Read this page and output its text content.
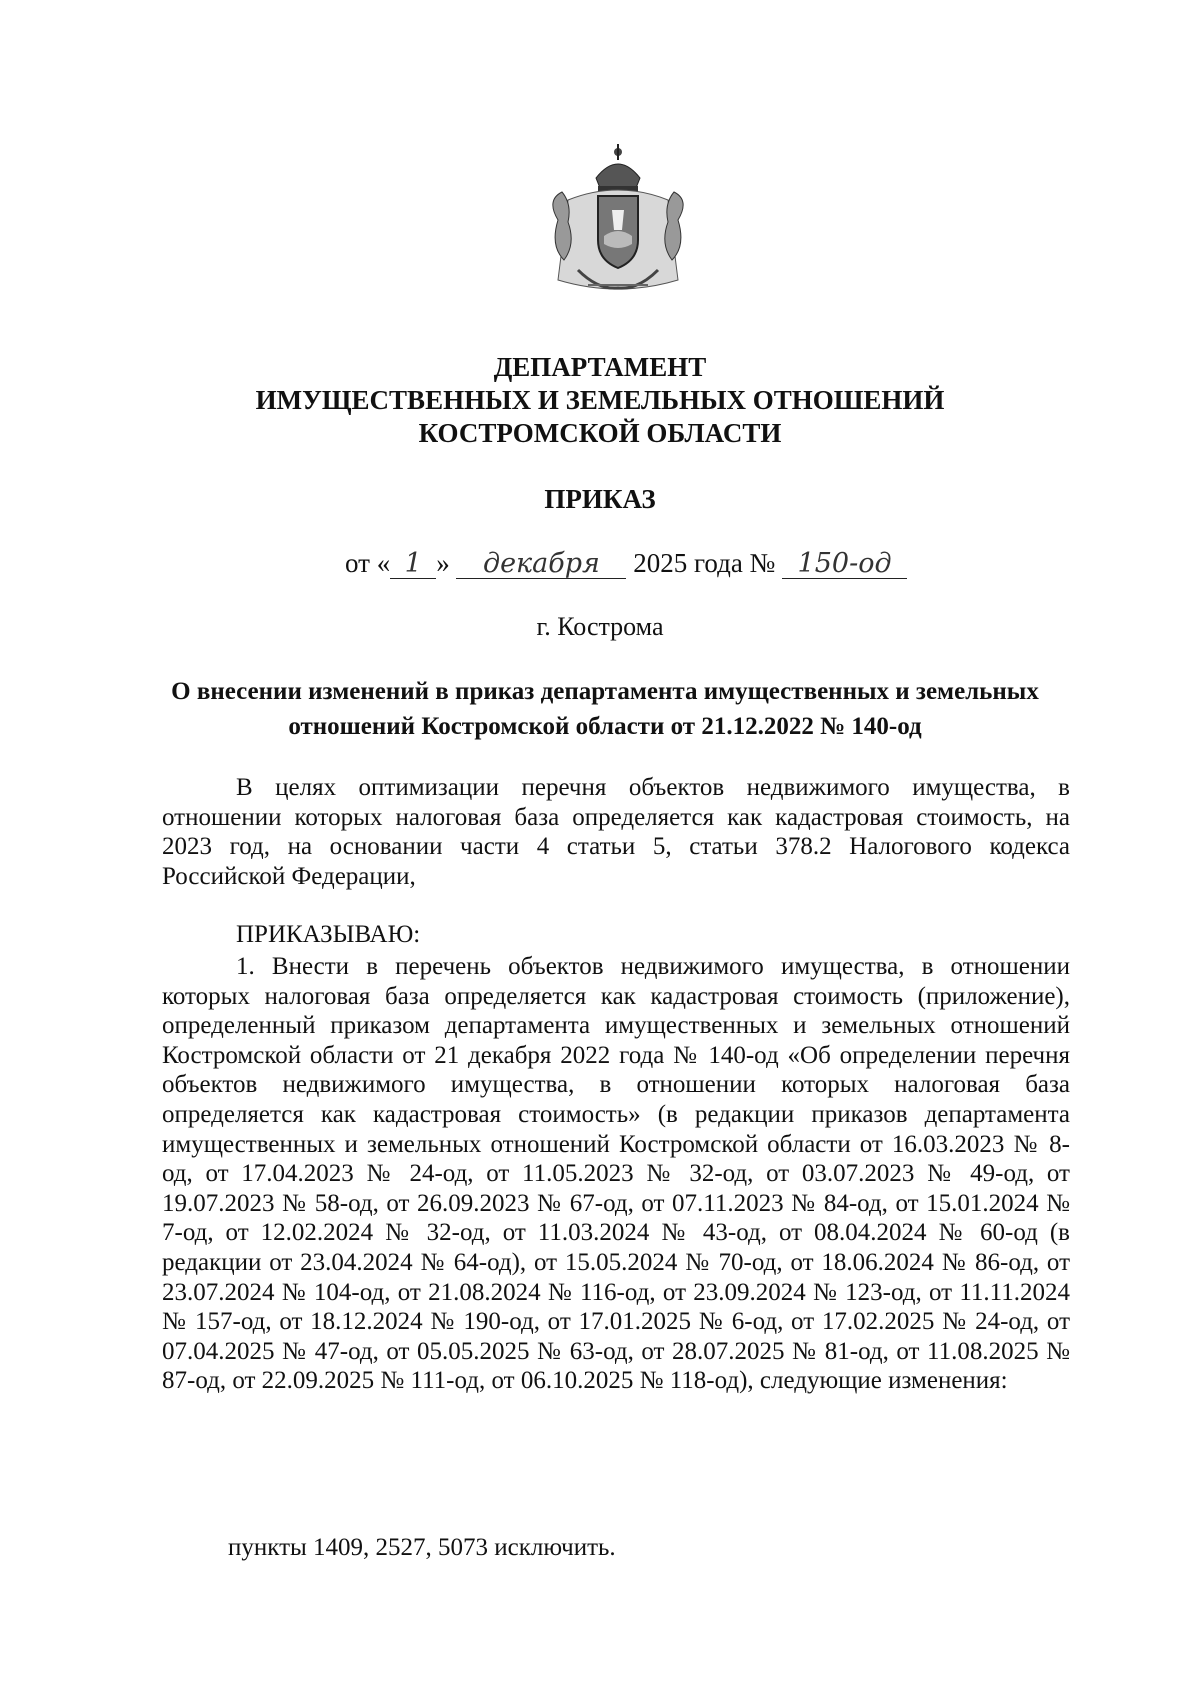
ДЕПАРТАМЕНТ
ИМУЩЕСТВЕННЫХ И ЗЕМЕЛЬНЫХ ОТНОШЕНИЙ
КОСТРОМСКОЙ ОБЛАСТИ
ПРИКАЗ
от « 1 » декабря 2025 года № 150-од
г. Кострома
О внесении изменений в приказ департамента имущественных и земельных отношений Костромской области от 21.12.2022 № 140-од
В целях оптимизации перечня объектов недвижимого имущества, в отношении которых налоговая база определяется как кадастровая стоимость, на 2023 год, на основании части 4 статьи 5, статьи 378.2 Налогового кодекса Российской Федерации,
ПРИКАЗЫВАЮ:
1. Внести в перечень объектов недвижимого имущества, в отношении которых налоговая база определяется как кадастровая стоимость (приложение), определенный приказом департамента имущественных и земельных отношений Костромской области от 21 декабря 2022 года № 140-од «Об определении перечня объектов недвижимого имущества, в отношении которых налоговая база определяется как кадастровая стоимость» (в редакции приказов департамента имущественных и земельных отношений Костромской области от 16.03.2023 № 8-од, от 17.04.2023 № 24-од, от 11.05.2023 № 32-од, от 03.07.2023 № 49-од, от 19.07.2023 № 58-од, от 26.09.2023 № 67-од, от 07.11.2023 № 84-од, от 15.01.2024 № 7-од, от 12.02.2024 № 32-од, от 11.03.2024 № 43-од, от 08.04.2024 № 60-од (в редакции от 23.04.2024 № 64-од), от 15.05.2024 № 70-од, от 18.06.2024 № 86-од, от 23.07.2024 № 104-од, от 21.08.2024 № 116-од, от 23.09.2024 № 123-од, от 11.11.2024 № 157-од, от 18.12.2024 № 190-од, от 17.01.2025 № 6-од, от 17.02.2025 № 24-од, от 07.04.2025 № 47-од, от 05.05.2025 № 63-од, от 28.07.2025 № 81-од, от 11.08.2025 № 87-од, от 22.09.2025 № 111-од, от 06.10.2025 № 118-од), следующие изменения:
пункты 1409, 2527, 5073 исключить.
